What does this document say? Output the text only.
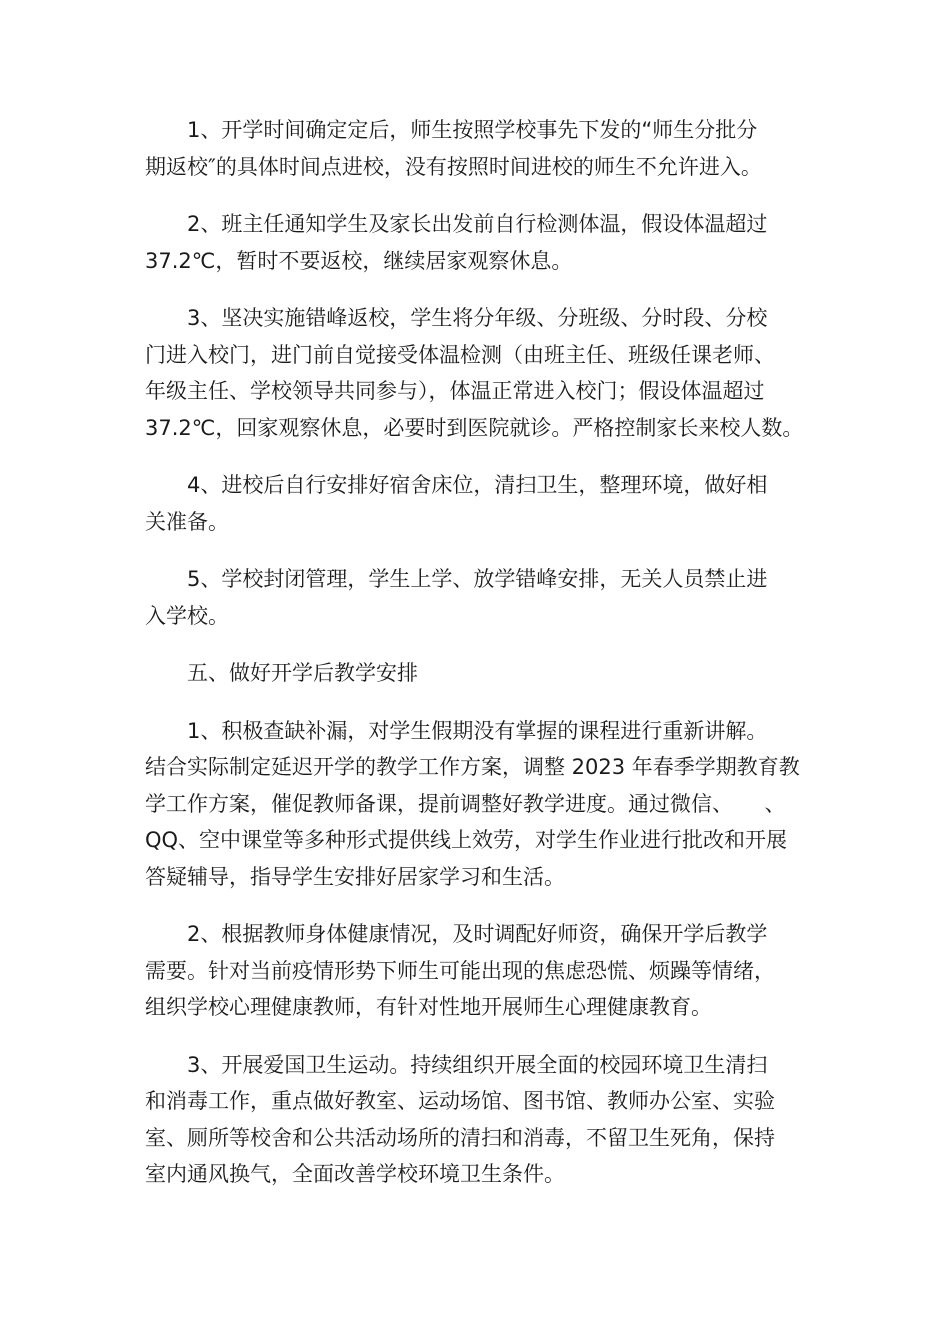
1、开学时间确定定后，师生按照学校事先下发的“师生分批分
期返校″的具体时间点进校，没有按照时间进校的师生不允许进入。

2、班主任通知学生及家长出发前自行检测体温，假设体温超过
37.2℃，暂时不要返校，继续居家观察休息。

3、坚决实施错峰返校，学生将分年级、分班级、分时段、分校
门进入校门，进门前自觉接受体温检测（由班主任、班级任课老师、
年级主任、学校领导共同参与），体温正常进入校门；假设体温超过
37.2℃，回家观察休息，必要时到医院就诊。严格控制家长来校人数。

4、进校后自行安排好宿舍床位，清扫卫生，整理环境，做好相
关准备。

5、学校封闭管理，学生上学、放学错峰安排，无关人员禁止进
入学校。

五、做好开学后教学安排

1、积极查缺补漏，对学生假期没有掌握的课程进行重新讲解。
结合实际制定延迟开学的教学工作方案，调整 2023 年春季学期教育教
学工作方案，催促教师备课，提前调整好教学进度。通过微信、　　、
QQ、空中课堂等多种形式提供线上效劳，对学生作业进行批改和开展
答疑辅导，指导学生安排好居家学习和生活。

2、根据教师身体健康情况，及时调配好师资，确保开学后教学
需要。针对当前疫情形势下师生可能出现的焦虑恐慌、烦躁等情绪，
组织学校心理健康教师，有针对性地开展师生心理健康教育。

3、开展爱国卫生运动。持续组织开展全面的校园环境卫生清扫
和消毒工作，重点做好教室、运动场馆、图书馆、教师办公室、实验
室、厕所等校舍和公共活动场所的清扫和消毒，不留卫生死角，保持
室内通风换气，全面改善学校环境卫生条件。
